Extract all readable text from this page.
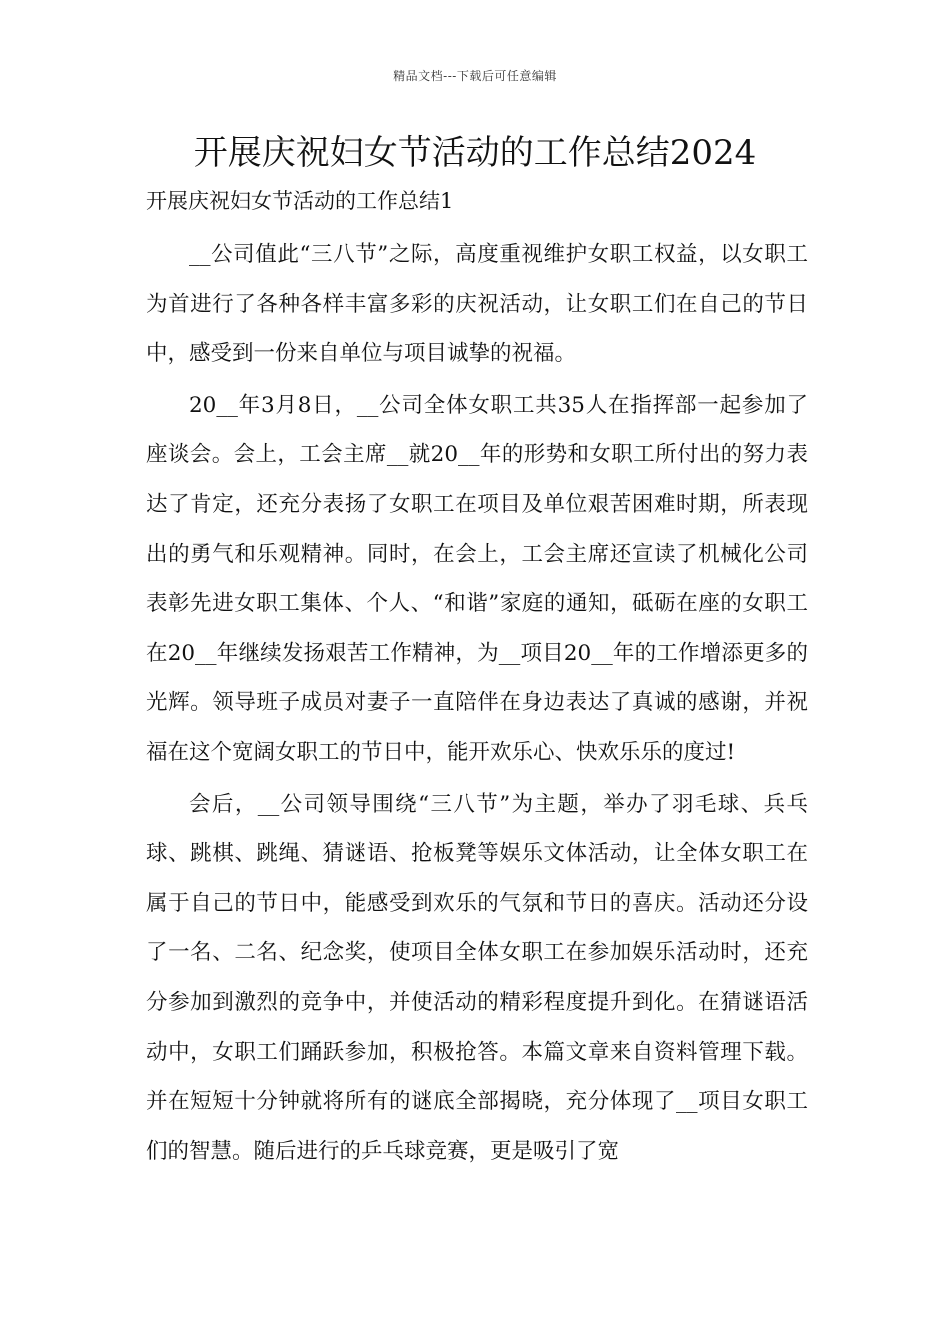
精品文档---下载后可任意编辑
开展庆祝妇女节活动的工作总结2024

开展庆祝妇女节活动的工作总结1

__公司值此“三八节”之际，高度重视维护女职工权益，以女职工为首进行了各种各样丰富多彩的庆祝活动，让女职工们在自己的节日中，感受到一份来自单位与项目诚挚的祝福。

20__年3月8日，__公司全体女职工共35人在指挥部一起参加了座谈会。会上，工会主席__就20__年的形势和女职工所付出的努力表达了肯定，还充分表扬了女职工在项目及单位艰苦困难时期，所表现出的勇气和乐观精神。同时，在会上，工会主席还宣读了机械化公司表彰先进女职工集体、个人、“和谐”家庭的通知，砥砺在座的女职工在20__年继续发扬艰苦工作精神，为__项目20__年的工作增添更多的光辉。领导班子成员对妻子一直陪伴在身边表达了真诚的感谢，并祝福在这个宽阔女职工的节日中，能开欢乐心、快欢乐乐的度过!

会后，__公司领导围绕“三八节”为主题，举办了羽毛球、兵乓球、跳棋、跳绳、猜谜语、抢板凳等娱乐文体活动，让全体女职工在属于自己的节日中，能感受到欢乐的气氛和节日的喜庆。活动还分设了一名、二名、纪念奖，使项目全体女职工在参加娱乐活动时，还充分参加到激烈的竞争中，并使活动的精彩程度提升到化。在猜谜语活动中，女职工们踊跃参加，积极抢答。本篇文章来自资料管理下载。并在短短十分钟就将所有的谜底全部揭晓，充分体现了__项目女职工们的智慧。随后进行的乒乓球竞赛，更是吸引了宽
